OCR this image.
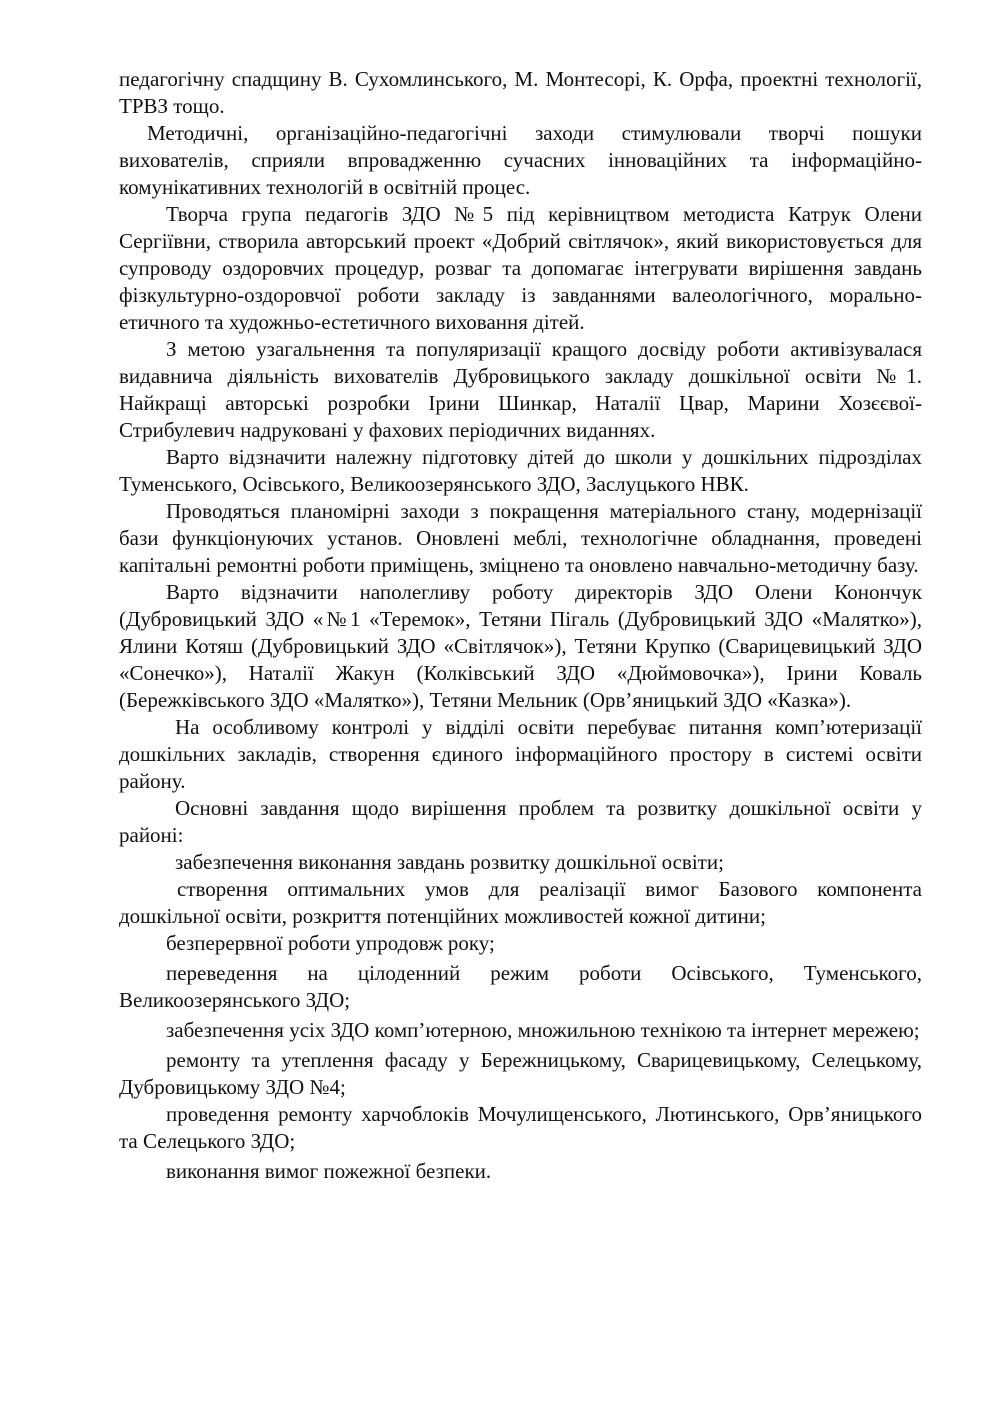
педагогічну спадщину В. Сухомлинського, М. Монтесорі, К. Орфа, проектні технології, ТРВЗ тощо.

Методичні, організаційно-педагогічні заходи стимулювали творчі пошуки вихователів, сприяли впровадженню сучасних інноваційних та інформаційно-комунікативних технологій в освітній процес.

Творча група педагогів ЗДО №5 під керівництвом методиста Катрук Олени Сергіївни, створила авторський проект «Добрий світлячок», який використовується для супроводу оздоровчих процедур, розваг та допомагає інтегрувати вирішення завдань фізкультурно-оздоровчої роботи закладу із завданнями валеологічного, морально-етичного та художньо-естетичного виховання дітей.

З метою узагальнення та популяризації кращого досвіду роботи активізувалася видавнича діяльність вихователів Дубровицького закладу дошкільної освіти №1. Найкращі авторські розробки Ірини Шинкар, Наталії Цвар, Марини Хозєєвої-Стрибулевич надруковані у фахових періодичних виданнях.

Варто відзначити належну підготовку дітей до школи у дошкільних підрозділах Туменського, Осівського, Великоозерянського ЗДО, Заслуцького НВК.

Проводяться планомірні заходи з покращення матеріального стану, модернізації бази функціонуючих установ. Оновлені меблі, технологічне обладнання, проведені капітальні ремонтні роботи приміщень, зміцнено та оновлено навчально-методичну базу.

Варто відзначити наполегливу роботу директорів ЗДО Олени Конончук (Дубровицький ЗДО «№1 «Теремок», Тетяни Пігаль (Дубровицький ЗДО «Малятко»), Ялини Котяш (Дубровицький ЗДО «Світлячок»), Тетяни Крупко (Сварицевицький ЗДО «Сонечко»), Наталії Жакун (Колківський ЗДО «Дюймовочка»), Ірини Коваль (Бережківського ЗДО «Малятко»), Тетяни Мельник (Орв’яницький ЗДО «Казка»).

На особливому контролі у відділі освіти перебуває питання комп’ютеризації дошкільних закладів, створення єдиного інформаційного простору в системі освіти району.

Основні завдання щодо вирішення проблем та розвитку дошкільної освіти у районі:

забезпечення виконання завдань розвитку дошкільної освіти;

створення оптимальних умов для реалізації вимог Базового компонента дошкільної освіти, розкриття потенційних можливостей кожної дитини;

безперервної роботи упродовж року;

переведення на цілоденний режим роботи Осівського, Туменського, Великоозерянського ЗДО;

забезпечення усіх ЗДО комп’ютерною, множильною технікою та інтернет мережею;

ремонту та утеплення фасаду у Бережницькому, Сварицевицькому, Селецькому, Дубровицькому ЗДО №4;

проведення ремонту харчоблоків Мочулищенського, Лютинського, Орв’яницького та Селецького ЗДО;

виконання вимог пожежної безпеки.
